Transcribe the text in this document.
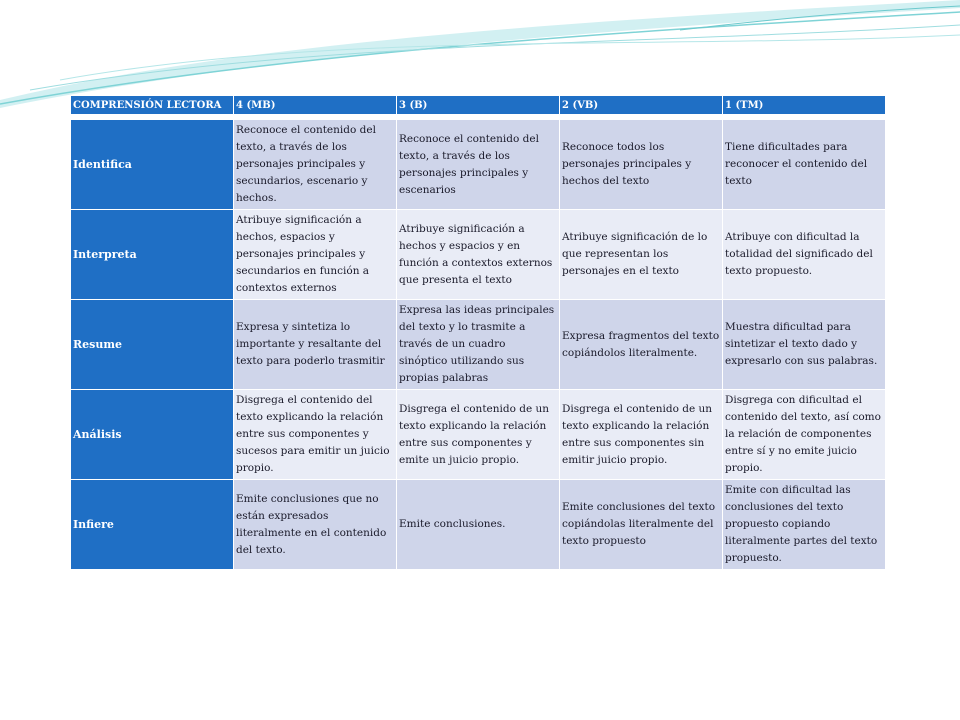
COMPRENSIÓN LECTORA	4 (MB)	3 (B)	2 (VB)	1 (TM)

Identifica	Reconoce el contenido del texto, a través de los personajes principales y secundarios, escenario y hechos.	Reconoce el contenido del texto, a través de los personajes principales y escenarios	Reconoce todos los personajes principales y hechos del texto	Tiene dificultades para reconocer el contenido del texto
Interpreta	Atribuye significación a hechos, espacios y personajes principales y secundarios en función a contextos externos	Atribuye significación a hechos y espacios y en función a contextos externos que presenta el texto	Atribuye significación de lo que representan los personajes en el texto	Atribuye con dificultad la totalidad del significado del texto propuesto.
Resume	Expresa y sintetiza lo importante y resaltante del texto para poderlo trasmitir	Expresa las ideas principales del texto y lo trasmite a través de un cuadro sinóptico utilizando sus propias palabras	Expresa fragmentos del texto copiándolos literalmente.	Muestra dificultad para sintetizar el texto dado y expresarlo con sus palabras.
Análisis	Disgrega el contenido del texto explicando la relación entre sus componentes y sucesos para emitir un juicio propio.	Disgrega el contenido de un texto explicando la relación entre sus componentes y emite un juicio propio.	Disgrega el contenido de un texto explicando la relación entre sus componentes sin emitir juicio propio.	Disgrega con dificultad el contenido del texto, así como la relación de componentes entre sí y no emite juicio propio.
Infiere	Emite conclusiones que no están expresados literalmente en el contenido del texto.	Emite conclusiones.	Emite conclusiones del texto copiándolas literalmente del texto propuesto	Emite con dificultad las conclusiones del texto propuesto copiando literalmente partes del texto propuesto.
